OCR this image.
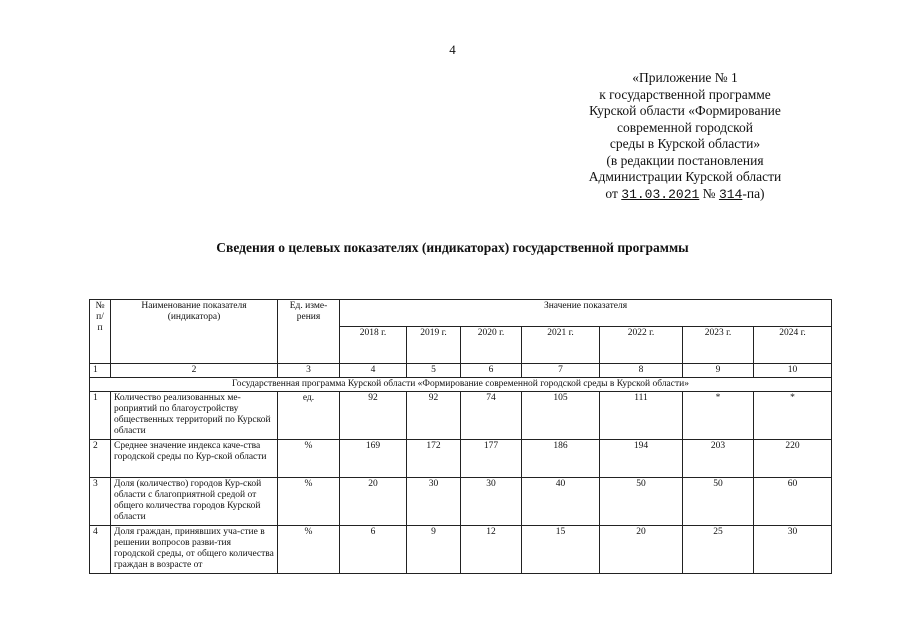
4
«Приложение № 1
к государственной программе
Курской области «Формирование
современной городской
среды в Курской области»
(в редакции постановления
Администрации Курской области
от 31.03.2021 № 314-па)
Сведения о целевых показателях (индикаторах) государственной программы
№ п/ п	Наименование показателя (индикатора)	Ед. изме-рения	Значение показателя						
			2018 г.	2019 г.	2020 г.	2021 г.	2022 г.	2023 г.	2024 г.
1	2	3	4	5	6	7	8	9	10
Государственная программа Курской области «Формирование современной городской среды в Курской области»									
1	Количество реализованных ме-роприятий по благоустройству общественных территорий по Курской области	ед.	92	92	74	105	111	*	*
2	Среднее значение индекса каче-ства городской среды по Кур-ской области	%	169	172	177	186	194	203	220
3	Доля (количество) городов Кур-ской области с благоприятной средой от общего количества городов Курской области	%	20	30	30	40	50	50	60
4	Доля граждан, принявших уча-стие в решении вопросов разви-тия городской среды, от общего количества граждан в возрасте от	%	6	9	12	15	20	25	30
